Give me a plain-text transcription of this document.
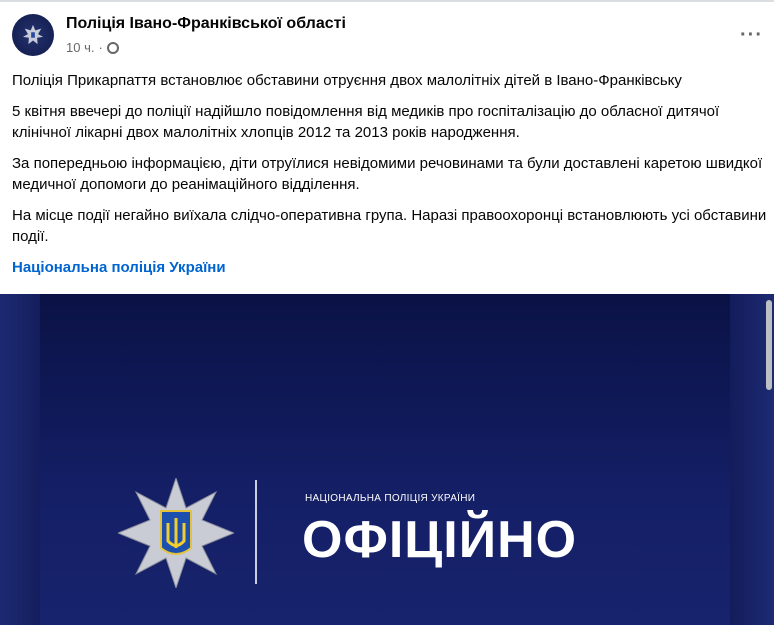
Поліція Івано-Франківської області
10 ч. ·
···

Поліція Прикарпаття встановлює обставини отруєння двох малолітніх дітей в Івано-Франківську

5 квітня ввечері до поліції надійшло повідомлення від медиків про госпіталізацію до обласної дитячої клінічної лікарні двох малолітніх хлопців 2012 та 2013 років народження.

За попередньою інформацією, діти отруїлися невідомими речовинами та були доставлені каретою швидкої медичної допомоги до реанімаційного відділення.

На місце події негайно виїхала слідчо-оперативна група. Наразі правоохоронці встановлюють усі обставини події.

Національна поліція України
НАЦІОНАЛЬНА ПОЛІЦІЯ УКРАЇНИ
ОФІЦІЙНО
